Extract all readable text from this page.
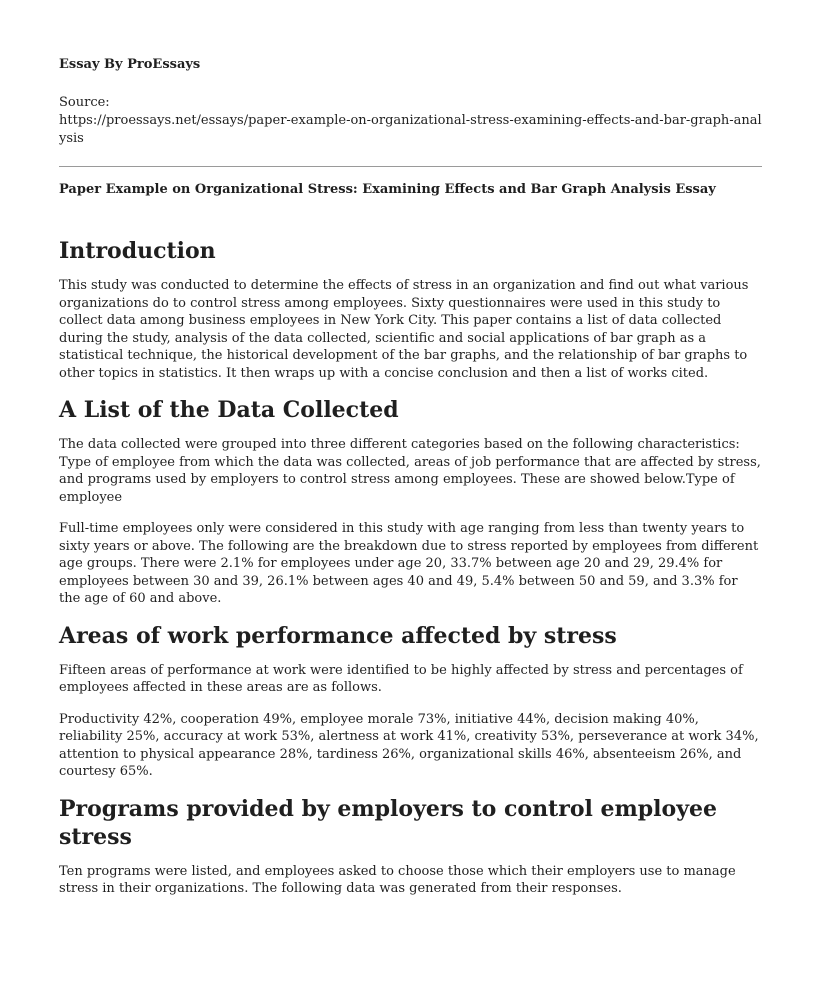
Essay By ProEssays
Source:
https://proessays.net/essays/paper-example-on-organizational-stress-examining-effects-and-bar-graph-analysis
Paper Example on Organizational Stress: Examining Effects and Bar Graph Analysis Essay
Introduction

This study was conducted to determine the effects of stress in an organization and find out what various organizations do to control stress among employees. Sixty questionnaires were used in this study to collect data among business employees in New York City. This paper contains a list of data collected during the study, analysis of the data collected, scientific and social applications of bar graph as a statistical technique, the historical development of the bar graphs, and the relationship of bar graphs to other topics in statistics. It then wraps up with a concise conclusion and then a list of works cited.

A List of the Data Collected

The data collected were grouped into three different categories based on the following characteristics: Type of employee from which the data was collected, areas of job performance that are affected by stress, and programs used by employers to control stress among employees. These are showed below.Type of employee

Full-time employees only were considered in this study with age ranging from less than twenty years to sixty years or above. The following are the breakdown due to stress reported by employees from different age groups. There were 2.1% for employees under age 20, 33.7% between age 20 and 29, 29.4% for employees between 30 and 39, 26.1% between ages 40 and 49, 5.4% between 50 and 59, and 3.3% for the age of 60 and above.

Areas of work performance affected by stress

Fifteen areas of performance at work were identified to be highly affected by stress and percentages of employees affected in these areas are as follows.

Productivity 42%, cooperation 49%, employee morale 73%, initiative 44%, decision making 40%, reliability 25%, accuracy at work 53%, alertness at work 41%, creativity 53%, perseverance at work 34%, attention to physical appearance 28%, tardiness 26%, organizational skills 46%, absenteeism 26%, and courtesy 65%.

Programs provided by employers to control employee stress

Ten programs were listed, and employees asked to choose those which their employers use to manage stress in their organizations. The following data was generated from their responses.
